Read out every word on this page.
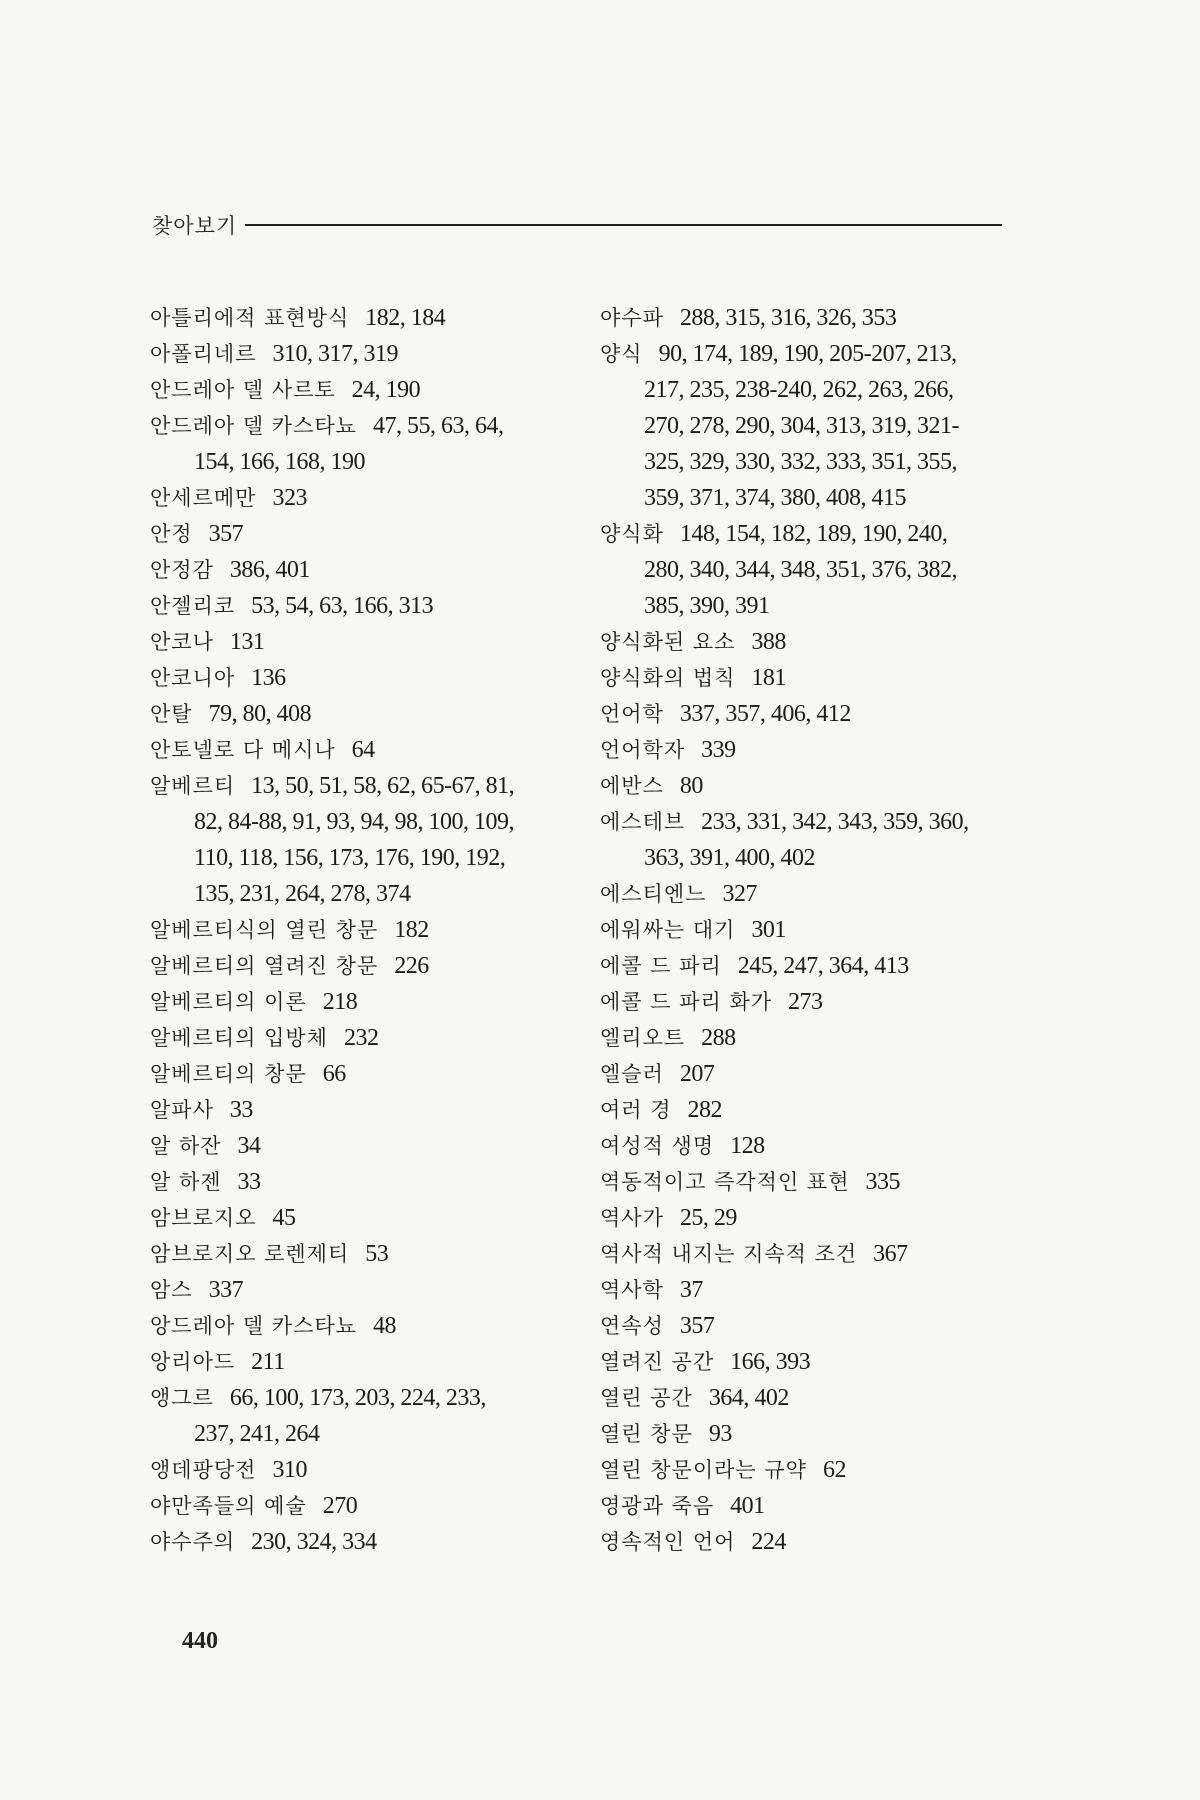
찾아보기
아틀리에적 표현방식 182, 184
아폴리네르 310, 317, 319
안드레아 델 사르토 24, 190
안드레아 델 카스타뇨 47, 55, 63, 64,
154, 166, 168, 190
안세르메만 323
안정 357
안정감 386, 401
안젤리코 53, 54, 63, 166, 313
안코나 131
안코니아 136
안탈 79, 80, 408
안토넬로 다 메시나 64
알베르티 13, 50, 51, 58, 62, 65-67, 81,
82, 84-88, 91, 93, 94, 98, 100, 109,
110, 118, 156, 173, 176, 190, 192,
135, 231, 264, 278, 374
알베르티식의 열린 창문 182
알베르티의 열려진 창문 226
알베르티의 이론 218
알베르티의 입방체 232
알베르티의 창문 66
알파사 33
알 하잔 34
알 하젠 33
암브로지오 45
암브로지오 로렌제티 53
암스 337
앙드레아 델 카스타뇨 48
앙리아드 211
앵그르 66, 100, 173, 203, 224, 233,
237, 241, 264
앵데팡당전 310
야만족들의 예술 270
야수주의 230, 324, 334
야수파 288, 315, 316, 326, 353
양식 90, 174, 189, 190, 205-207, 213,
217, 235, 238-240, 262, 263, 266,
270, 278, 290, 304, 313, 319, 321-
325, 329, 330, 332, 333, 351, 355,
359, 371, 374, 380, 408, 415
양식화 148, 154, 182, 189, 190, 240,
280, 340, 344, 348, 351, 376, 382,
385, 390, 391
양식화된 요소 388
양식화의 법칙 181
언어학 337, 357, 406, 412
언어학자 339
에반스 80
에스테브 233, 331, 342, 343, 359, 360,
363, 391, 400, 402
에스티엔느 327
에워싸는 대기 301
에콜 드 파리 245, 247, 364, 413
에콜 드 파리 화가 273
엘리오트 288
엘슬러 207
여러 경 282
여성적 생명 128
역동적이고 즉각적인 표현 335
역사가 25, 29
역사적 내지는 지속적 조건 367
역사학 37
연속성 357
열려진 공간 166, 393
열린 공간 364, 402
열린 창문 93
열린 창문이라는 규약 62
영광과 죽음 401
영속적인 언어 224
440
